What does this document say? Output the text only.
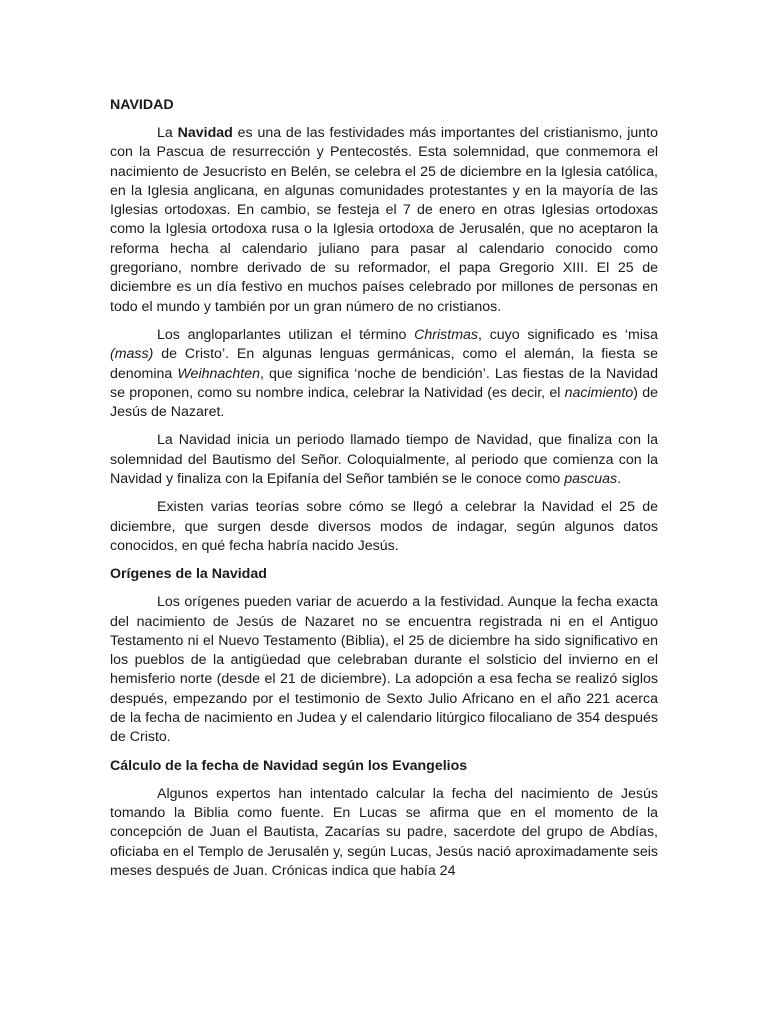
NAVIDAD

La Navidad es una de las festividades más importantes del cristianismo, junto con la Pascua de resurrección y Pentecostés. Esta solemnidad, que conmemora el nacimiento de Jesucristo en Belén, se celebra el 25 de diciembre en la Iglesia católica, en la Iglesia anglicana, en algunas comunidades protestantes y en la mayoría de las Iglesias ortodoxas. En cambio, se festeja el 7 de enero en otras Iglesias ortodoxas como la Iglesia ortodoxa rusa o la Iglesia ortodoxa de Jerusalén, que no aceptaron la reforma hecha al calendario juliano para pasar al calendario conocido como gregoriano, nombre derivado de su reformador, el papa Gregorio XIII. El 25 de diciembre es un día festivo en muchos países celebrado por millones de personas en todo el mundo y también por un gran número de no cristianos.

Los angloparlantes utilizan el término Christmas, cuyo significado es ‘misa (mass) de Cristo’. En algunas lenguas germánicas, como el alemán, la fiesta se denomina Weihnachten, que significa ‘noche de bendición’. Las fiestas de la Navidad se proponen, como su nombre indica, celebrar la Natividad (es decir, el nacimiento) de Jesús de Nazaret.

La Navidad inicia un periodo llamado tiempo de Navidad, que finaliza con la solemnidad del Bautismo del Señor. Coloquialmente, al periodo que comienza con la Navidad y finaliza con la Epifanía del Señor también se le conoce como pascuas.

Existen varias teorías sobre cómo se llegó a celebrar la Navidad el 25 de diciembre, que surgen desde diversos modos de indagar, según algunos datos conocidos, en qué fecha habría nacido Jesús.

Orígenes de la Navidad

Los orígenes pueden variar de acuerdo a la festividad. Aunque la fecha exacta del nacimiento de Jesús de Nazaret no se encuentra registrada ni en el Antiguo Testamento ni el Nuevo Testamento (Biblia), el 25 de diciembre ha sido significativo en los pueblos de la antigüedad que celebraban durante el solsticio del invierno en el hemisferio norte (desde el 21 de diciembre). La adopción a esa fecha se realizó siglos después, empezando por el testimonio de Sexto Julio Africano en el año 221 acerca de la fecha de nacimiento en Judea y el calendario litúrgico filocaliano de 354 después de Cristo.

Cálculo de la fecha de Navidad según los Evangelios

Algunos expertos han intentado calcular la fecha del nacimiento de Jesús tomando la Biblia como fuente. En Lucas se afirma que en el momento de la concepción de Juan el Bautista, Zacarías su padre, sacerdote del grupo de Abdías, oficiaba en el Templo de Jerusalén y, según Lucas, Jesús nació aproximadamente seis meses después de Juan. Crónicas indica que había 24
